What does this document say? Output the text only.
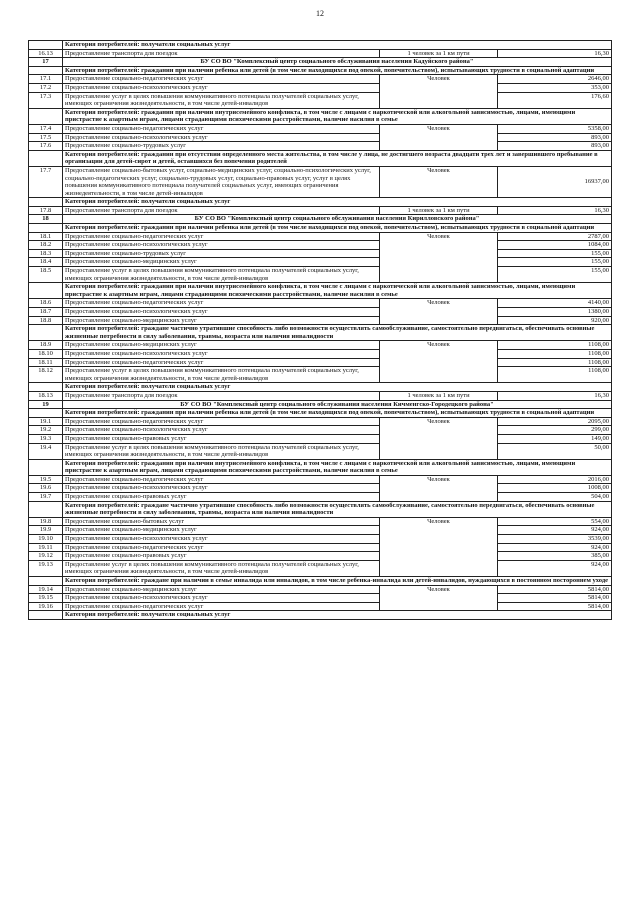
12
	Категория потребителей: получатели социальных услуг		
16.13	Предоставление транспорта для поездок	1 человек за 1 км пути	16,30
17	БУ СО ВО "Комплексный центр социального обслуживания населения Кадуйского района"		
	Категория потребителей: гражданин при наличии ребенка или детей (в том числе находящихся под опекой, попечительством), испытывающих трудности в социальной адаптации		
17.1	Предоставление социально-педагогических услуг	Человек	2646,00
17.2	Предоставление социально-психологических услуг		353,00
17.3	Предоставление услуг в целях повышения коммуникативного потенциала получателей социальных услуг, имеющих ограничения жизнедеятельности, в том числе детей-инвалидов		176,60
	Категория потребителей: гражданин при наличии внутрисемейного конфликта, в том числе с лицами с наркотической или алкогольной зависимостью, лицами, имеющими пристрастие к азартным играм, лицами страдающими психическими расстройствами, наличие насилия в семье		
17.4	Предоставление социально-педагогических услуг	Человек	5358,00
17.5	Предоставление социально-психологических услуг		893,00
17.6	Предоставление социально-трудовых услуг		893,00
	Категория потребителей: гражданин при отсутствии определенного места жительства, в том числе у лица, не достигшего возраста двадцати трех лет и завершившего пребывание в организации для детей-сирот и детей, оставшихся без попечения родителей		
17.7	Предоставление социально-бытовых услуг, социально-медицинских услуг, социально-психологических услуг, социально-педагогических услуг, социально-трудовых услуг, социально-правовых услуг, услуг в целях повышения коммуникативного потенциала получателей социальных услуг, имеющих ограничения жизнедеятельности, в том числе детей-инвалидов	Человек	16937,00
	Категория потребителей: получатели социальных услуг		
17.8	Предоставление транспорта для поездок	1 человек за 1 км пути	16,30
18	БУ СО ВО "Комплексный центр социального обслуживания населения Кирилловского района"		
	Категория потребителей: гражданин при наличии ребенка или детей (в том числе находящихся под опекой, попечительством), испытывающих трудности в социальной адаптации		
18.1	Предоставление социально-педагогических услуг	Человек	2787,00
18.2	Предоставление социально-психологических услуг		1084,00
18.3	Предоставление социально-трудовых услуг		155,00
18.4	Предоставление социально-медицинских услуг		155,00
18.5	Предоставление услуг в целях повышения коммуникативного потенциала получателей социальных услуг, имеющих ограничения жизнедеятельности, в том числе детей-инвалидов		155,00
	Категория потребителей: гражданин при наличии внутрисемейного конфликта, в том числе с лицами с наркотической или алкогольной зависимостью, лицами, имеющими пристрастие к азартным играм, лицами страдающими психическими расстройствами, наличие насилия в семье		
18.6	Предоставление социально-педагогических услуг	Человек	4140,00
18.7	Предоставление социально-психологических услуг		1380,00
18.8	Предоставление социально-медицинских услуг		920,00
	Категория потребителей: граждане частично утратившие способность либо возможности осуществлять самообслуживание, самостоятельно передвигаться, обеспечивать основные жизненные потребности в силу заболевания, травмы, возраста или наличия инвалидности		
18.9	Предоставление социально-медицинских услуг	Человек	1108,00
18.10	Предоставление социально-психологических услуг		1108,00
18.11	Предоставление социально-педагогических услуг		1108,00
18.12	Предоставление услуг в целях повышения коммуникативного потенциала получателей социальных услуг, имеющих ограничения жизнедеятельности, в том числе детей-инвалидов		1108,00
	Категория потребителей: получатели социальных услуг		
18.13	Предоставление транспорта для поездок	1 человек за 1 км пути	16,30
19	БУ СО ВО "Комплексный центр социального обслуживания населения Кичменгско-Городецкого района"		
	Категория потребителей: гражданин при наличии ребенка или детей (в том числе находящихся под опекой, попечительством), испытывающих трудности в социальной адаптации		
19.1	Предоставление социально-педагогических услуг	Человек	2095,00
19.2	Предоставление социально-психологических услуг		299,00
19.3	Предоставление социально-правовых услуг		149,00
19.4	Предоставление услуг в целях повышения коммуникативного потенциала получателей социальных услуг, имеющих ограничения жизнедеятельности, в том числе детей-инвалидов		50,00
	Категория потребителей: гражданин при наличии внутрисемейного конфликта, в том числе с лицами с наркотической или алкогольной зависимостью, лицами, имеющими пристрастие к азартным играм, лицами страдающими психическими расстройствами, наличие насилия в семье		
19.5	Предоставление социально-педагогических услуг	Человек	2016,00
19.6	Предоставление социально-психологических услуг		1008,00
19.7	Предоставление социально-правовых услуг		504,00
	Категория потребителей: граждане частично утратившие способность либо возможности осуществлять самообслуживание, самостоятельно передвигаться, обеспечивать основные жизненные потребности в силу заболевания, травмы, возраста или наличия инвалидности		
19.8	Предоставление социально-бытовых услуг	Человек	554,00
19.9	Предоставление социально-медицинских услуг		924,00
19.10	Предоставление социально-психологических услуг		3539,00
19.11	Предоставление социально-педагогических услуг		924,00
19.12	Предоставление социально-правовых услуг		385,00
19.13	Предоставление услуг в целях повышения коммуникативного потенциала получателей социальных услуг, имеющих ограничения жизнедеятельности, в том числе детей-инвалидов		924,00
	Категория потребителей: граждане при наличии в семье инвалида или инвалидов, в том числе ребенка-инвалида или детей-инвалидов, нуждающихся в постоянном постороннем уходе		
19.14	Предоставление социально-медицинских услуг	Человек	5814,00
19.15	Предоставление социально-психологических услуг		5814,00
19.16	Предоставление социально-педагогических услуг		5814,00
	Категория потребителей: получатели социальных услуг		
